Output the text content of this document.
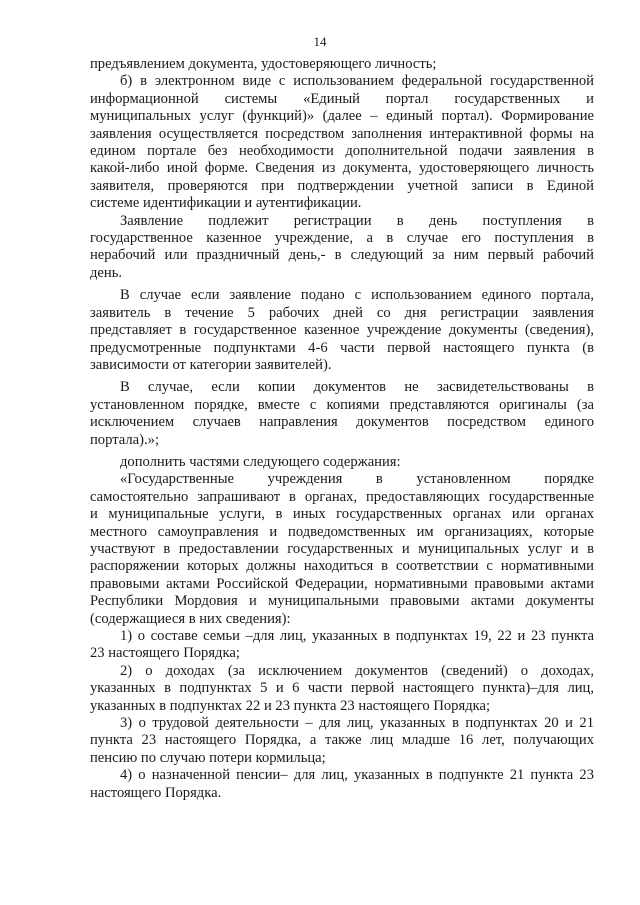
14
предъявлением документа, удостоверяющего личность;
б) в электронном виде с использованием федеральной государственной
информационной системы «Единый портал государственных и
муниципальных услуг (функций)» (далее – единый портал). Формирование
заявления осуществляется посредством заполнения интерактивной формы на
едином портале без необходимости дополнительной подачи заявления в
какой-либо иной форме. Сведения из документа, удостоверяющего личность
заявителя, проверяются при подтверждении учетной записи в Единой
системе идентификации и аутентификации.
Заявление подлежит регистрации в день поступления в
государственное казенное учреждение, а в случае его поступления в
нерабочий или праздничный день,- в следующий за ним первый рабочий
день.
В случае если заявление подано с использованием единого портала,
заявитель в течение 5 рабочих дней со дня регистрации заявления
представляет в государственное казенное учреждение документы (сведения),
предусмотренные подпунктами 4-6 части первой настоящего пункта (в
зависимости от категории заявителей).
В случае, если копии документов не засвидетельствованы в
установленном порядке, вместе с копиями представляются оригиналы (за
исключением случаев направления документов посредством единого
портала).»;
дополнить частями следующего содержания:
«Государственные учреждения в установленном порядке
самостоятельно запрашивают в органах, предоставляющих государственные
и муниципальные услуги, в иных государственных органах или органах
местного самоуправления и подведомственных им организациях, которые
участвуют в предоставлении государственных и муниципальных услуг и в
распоряжении которых должны находиться в соответствии с нормативными
правовыми актами Российской Федерации, нормативными правовыми актами
Республики Мордовия и муниципальными правовыми актами документы
(содержащиеся в них сведения):
1) о составе семьи –для лиц, указанных в подпунктах 19, 22 и 23 пункта
23 настоящего Порядка;
2) о доходах (за исключением документов (сведений) о доходах,
указанных в подпунктах 5 и 6 части первой настоящего пункта)–для лиц,
указанных в подпунктах 22 и 23 пункта 23 настоящего Порядка;
3) о трудовой деятельности – для лиц, указанных в подпунктах 20 и 21
пункта 23 настоящего Порядка, а также лиц младше 16 лет, получающих
пенсию по случаю потери кормильца;
4) о назначенной пенсии– для лиц, указанных в подпункте 21 пункта 23
настоящего Порядка.
